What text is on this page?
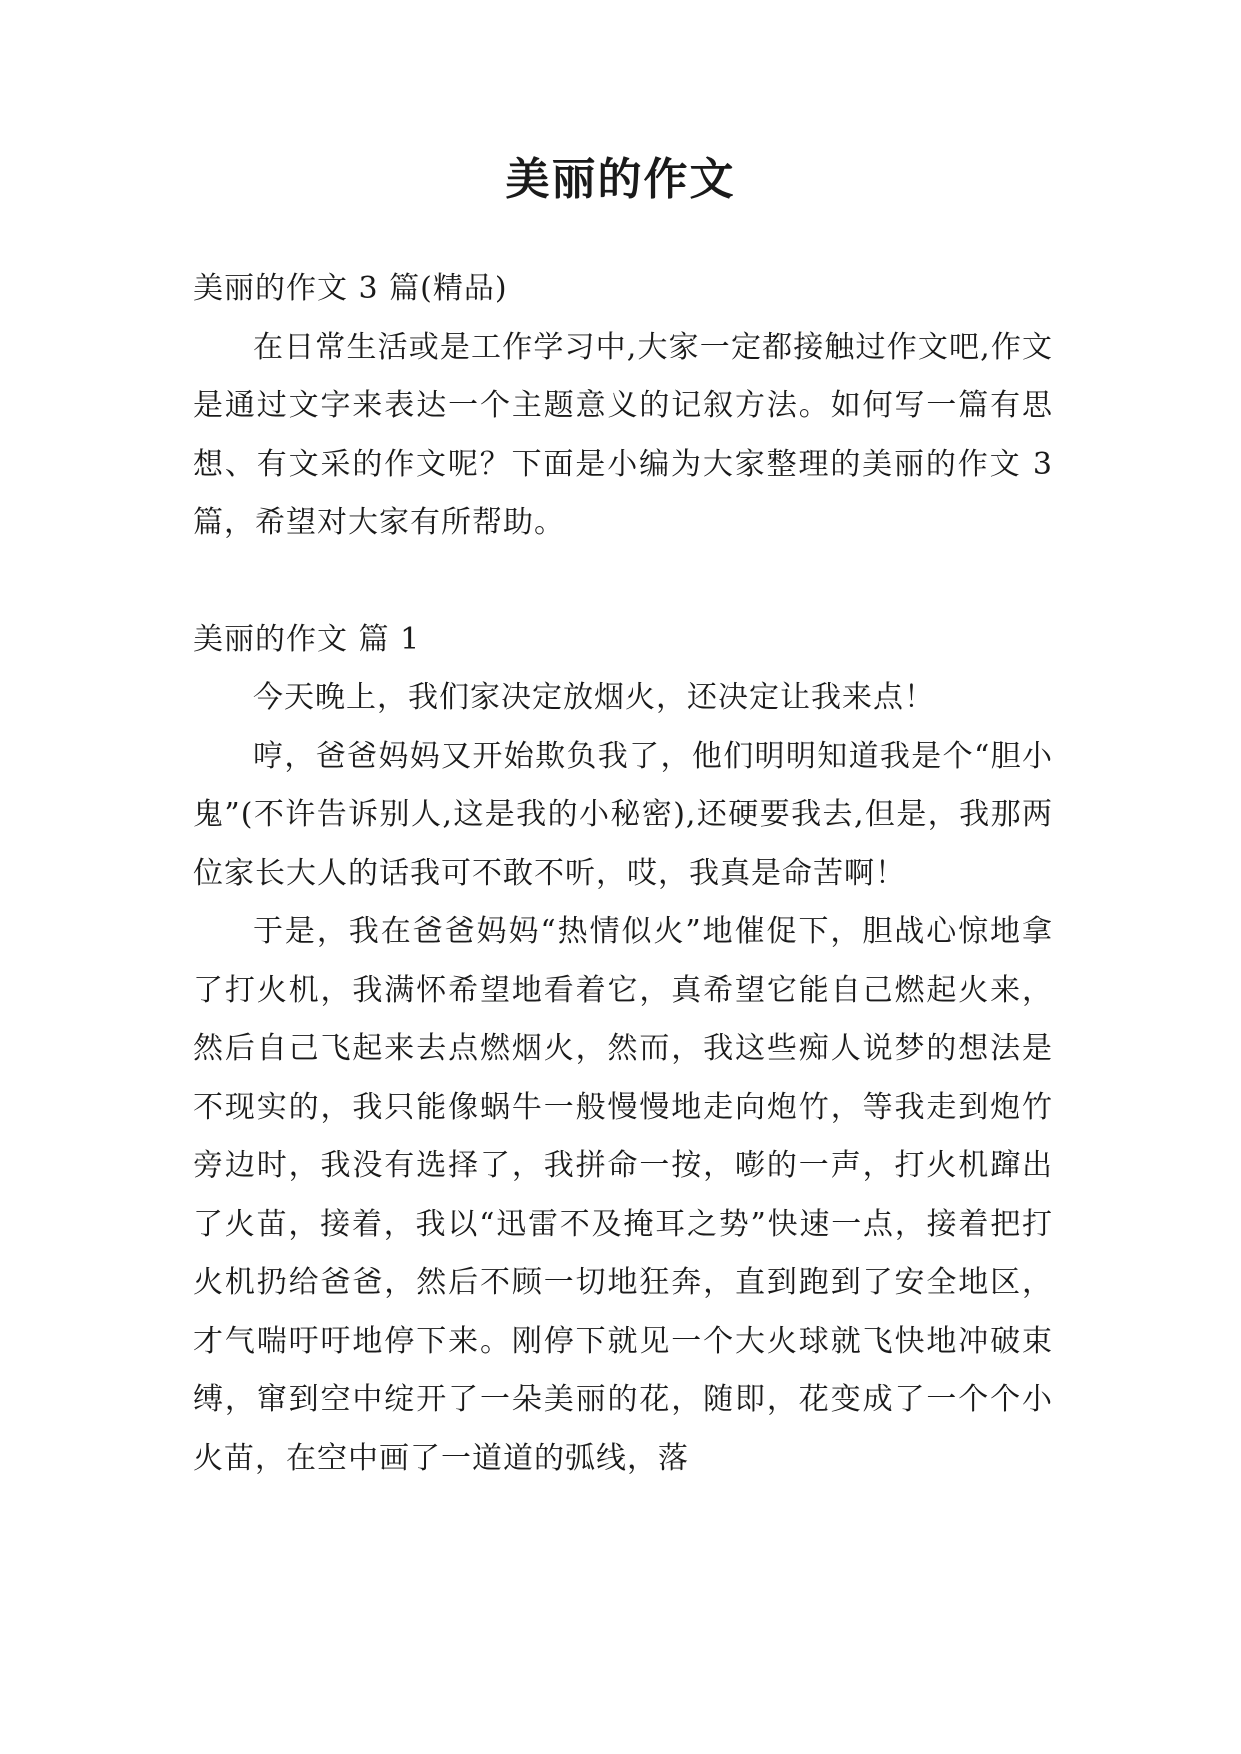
美丽的作文

美丽的作文 3 篇(精品)

在日常生活或是工作学习中,大家一定都接触过作文吧,作文是通过文字来表达一个主题意义的记叙方法。如何写一篇有思想、有文采的作文呢？下面是小编为大家整理的美丽的作文 3 篇，希望对大家有所帮助。

美丽的作文 篇 1

今天晚上，我们家决定放烟火，还决定让我来点！

哼，爸爸妈妈又开始欺负我了，他们明明知道我是个“胆小鬼”(不许告诉别人,这是我的小秘密),还硬要我去,但是，我那两位家长大人的话我可不敢不听，哎，我真是命苦啊！

于是，我在爸爸妈妈“热情似火”地催促下，胆战心惊地拿了打火机，我满怀希望地看着它，真希望它能自己燃起火来，然后自己飞起来去点燃烟火，然而，我这些痴人说梦的想法是不现实的，我只能像蜗牛一般慢慢地走向炮竹，等我走到炮竹旁边时，我没有选择了，我拼命一按，嘭的一声，打火机蹿出了火苗，接着，我以“迅雷不及掩耳之势”快速一点，接着把打火机扔给爸爸，然后不顾一切地狂奔，直到跑到了安全地区，才气喘吁吁地停下来。刚停下就见一个大火球就飞快地冲破束缚，窜到空中绽开了一朵美丽的花，随即，花变成了一个个小火苗，在空中画了一道道的弧线，落
